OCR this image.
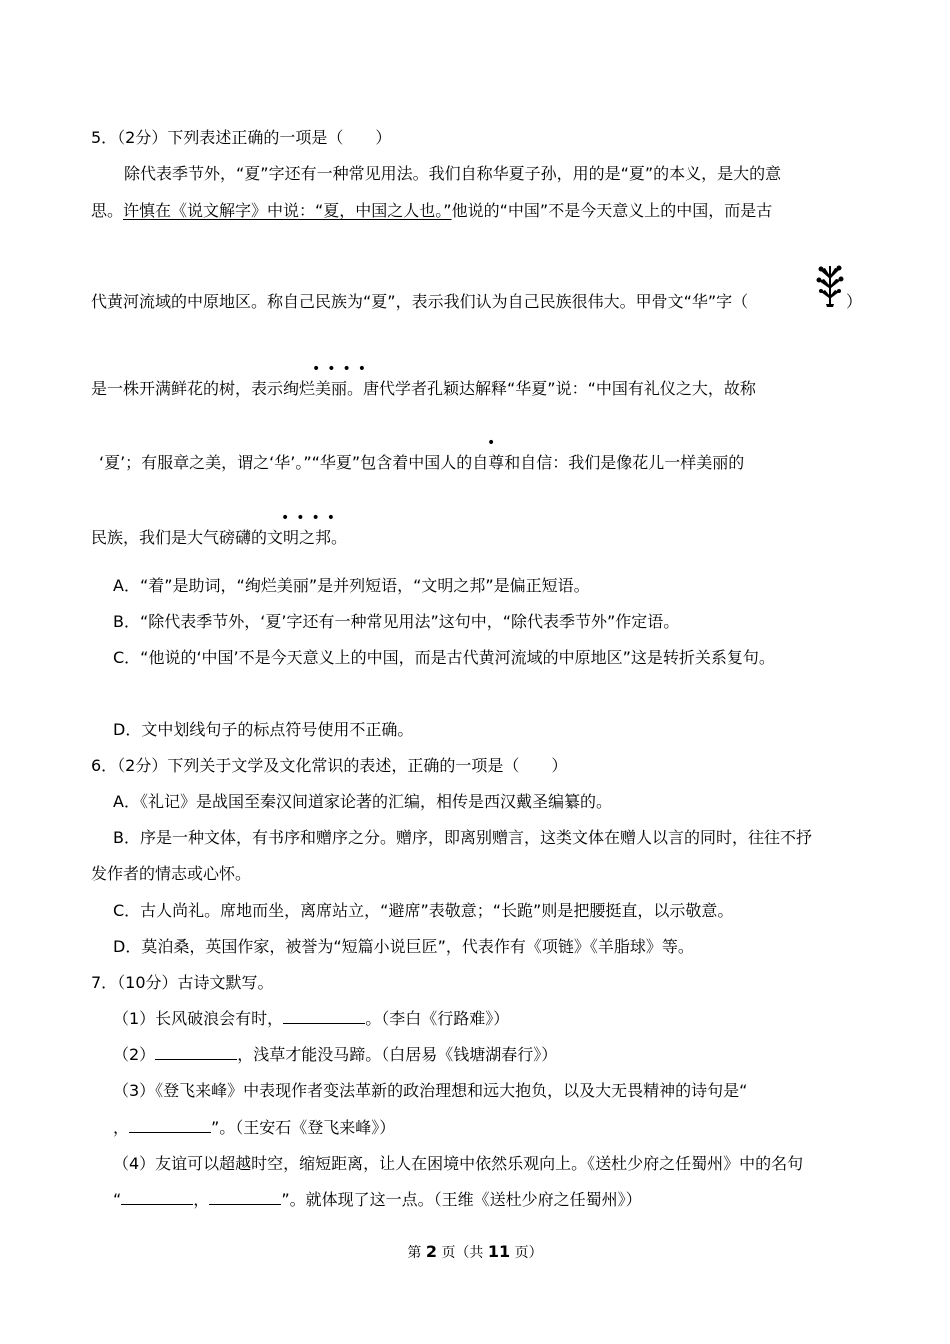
5．（2分）下列表述正确的一项是（　　）
除代表季节外，“夏”字还有一种常见用法。我们自称华夏子孙，用的是“夏”的本义，是大的意
思。许慎在《说文解字》中说：“夏，中国之人也。”他说的“中国”不是今天意义上的中国，而是古
代黄河流域的中原地区。称自己民族为“夏”，表示我们认为自己民族很伟大。甲骨文“华”字（	）
••••
是一株开满鲜花的树，表示绚烂美丽。唐代学者孔颖达解释“华夏”说：“中国有礼仪之大，故称
•
‘夏’；有服章之美，谓之‘华’。”“华夏”包含着中国人的自尊和自信：我们是像花儿一样美丽的
••••
民族，我们是大气磅礴的文明之邦。
A．“着”是助词，“绚烂美丽”是并列短语，“文明之邦”是偏正短语。
B．“除代表季节外，‘夏’字还有一种常见用法”这句中，“除代表季节外”作定语。
C．“他说的‘中国’不是今天意义上的中国，而是古代黄河流域的中原地区”这是转折关系复句。
D．文中划线句子的标点符号使用不正确。
6．（2分）下列关于文学及文化常识的表述，正确的一项是（　　）
A．《礼记》是战国至秦汉间道家论著的汇编，相传是西汉戴圣编纂的。
B．序是一种文体，有书序和赠序之分。赠序，即离别赠言，这类文体在赠人以言的同时，往往不抒
发作者的情志或心怀。
C．古人尚礼。席地而坐，离席站立，“避席”表敬意；“长跪”则是把腰挺直，以示敬意。
D．莫泊桑，英国作家，被誉为“短篇小说巨匠”，代表作有《项链》《羊脂球》等。
7．（10分）古诗文默写。
（1）长风破浪会有时，	。（李白《行路难》）
（2）	，浅草才能没马蹄。（白居易《钱塘湖春行》）
（3）《登飞来峰》中表现作者变法革新的政治理想和远大抱负，以及大无畏精神的诗句是“
，	”。（王安石《登飞来峰》）
（4）友谊可以超越时空，缩短距离，让人在困境中依然乐观向上。《送杜少府之任蜀州》中的名句
“	，	”。就体现了这一点。（王维《送杜少府之任蜀州》）
第 2 页（共 11 页）
